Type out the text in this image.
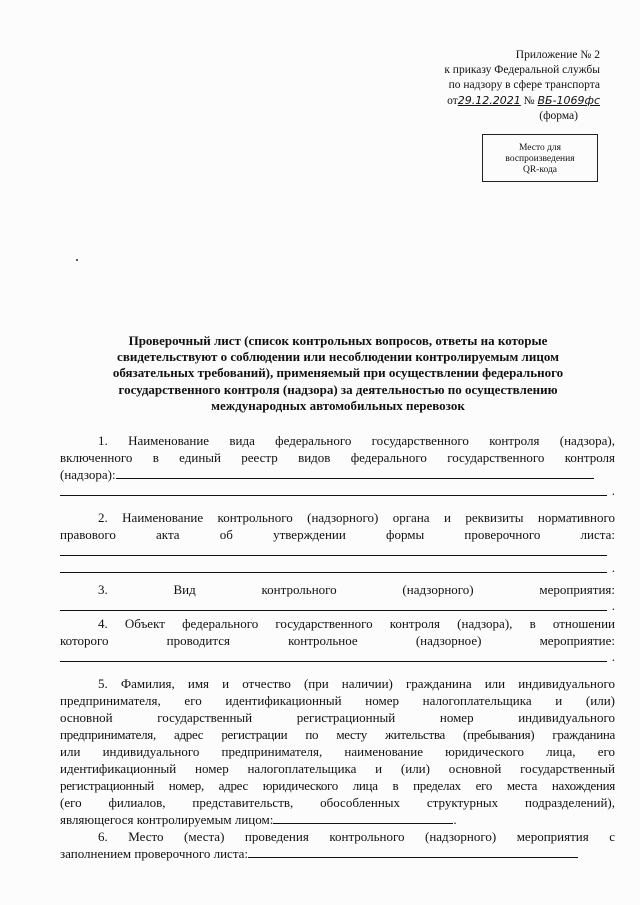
Приложение № 2
к приказу Федеральной службы
по надзору в сфере транспорта
от29.12.2021 № ВБ-1069фс
(форма)
Место для
воспроизведения
QR-кода
Проверочный лист (список контрольных вопросов, ответы на которые
свидетельствуют о соблюдении или несоблюдении контролируемым лицом
обязательных требований), применяемый при осуществлении федерального
государственного контроля (надзора) за деятельностью по осуществлению
международных автомобильных перевозок
1. Наименование вида федерального государственного контроля (надзора),
включенного в единый реестр видов федерального государственного контроля
(надзора):
.
2. Наименование контрольного (надзорного) органа и реквизиты нормативного
правового акта об утверждении формы проверочного листа:
.
3. Вид контрольного (надзорного) мероприятия:
.
4. Объект федерального государственного контроля (надзора), в отношении
которого проводится контрольное (надзорное) мероприятие:
.
5. Фамилия, имя и отчество (при наличии) гражданина или индивидуального
предпринимателя, его идентификационный номер налогоплательщика и (или)
основной государственный регистрационный номер индивидуального
предпринимателя, адрес регистрации по месту жительства (пребывания) гражданина
или индивидуального предпринимателя, наименование юридического лица, его
идентификационный номер налогоплательщика и (или) основной государственный
регистрационный номер, адрес юридического лица в пределах его места нахождения
(его филиалов, представительств, обособленных структурных подразделений),
являющегося контролируемым лицом:	.
6. Место (места) проведения контрольного (надзорного) мероприятия с
заполнением проверочного листа:
